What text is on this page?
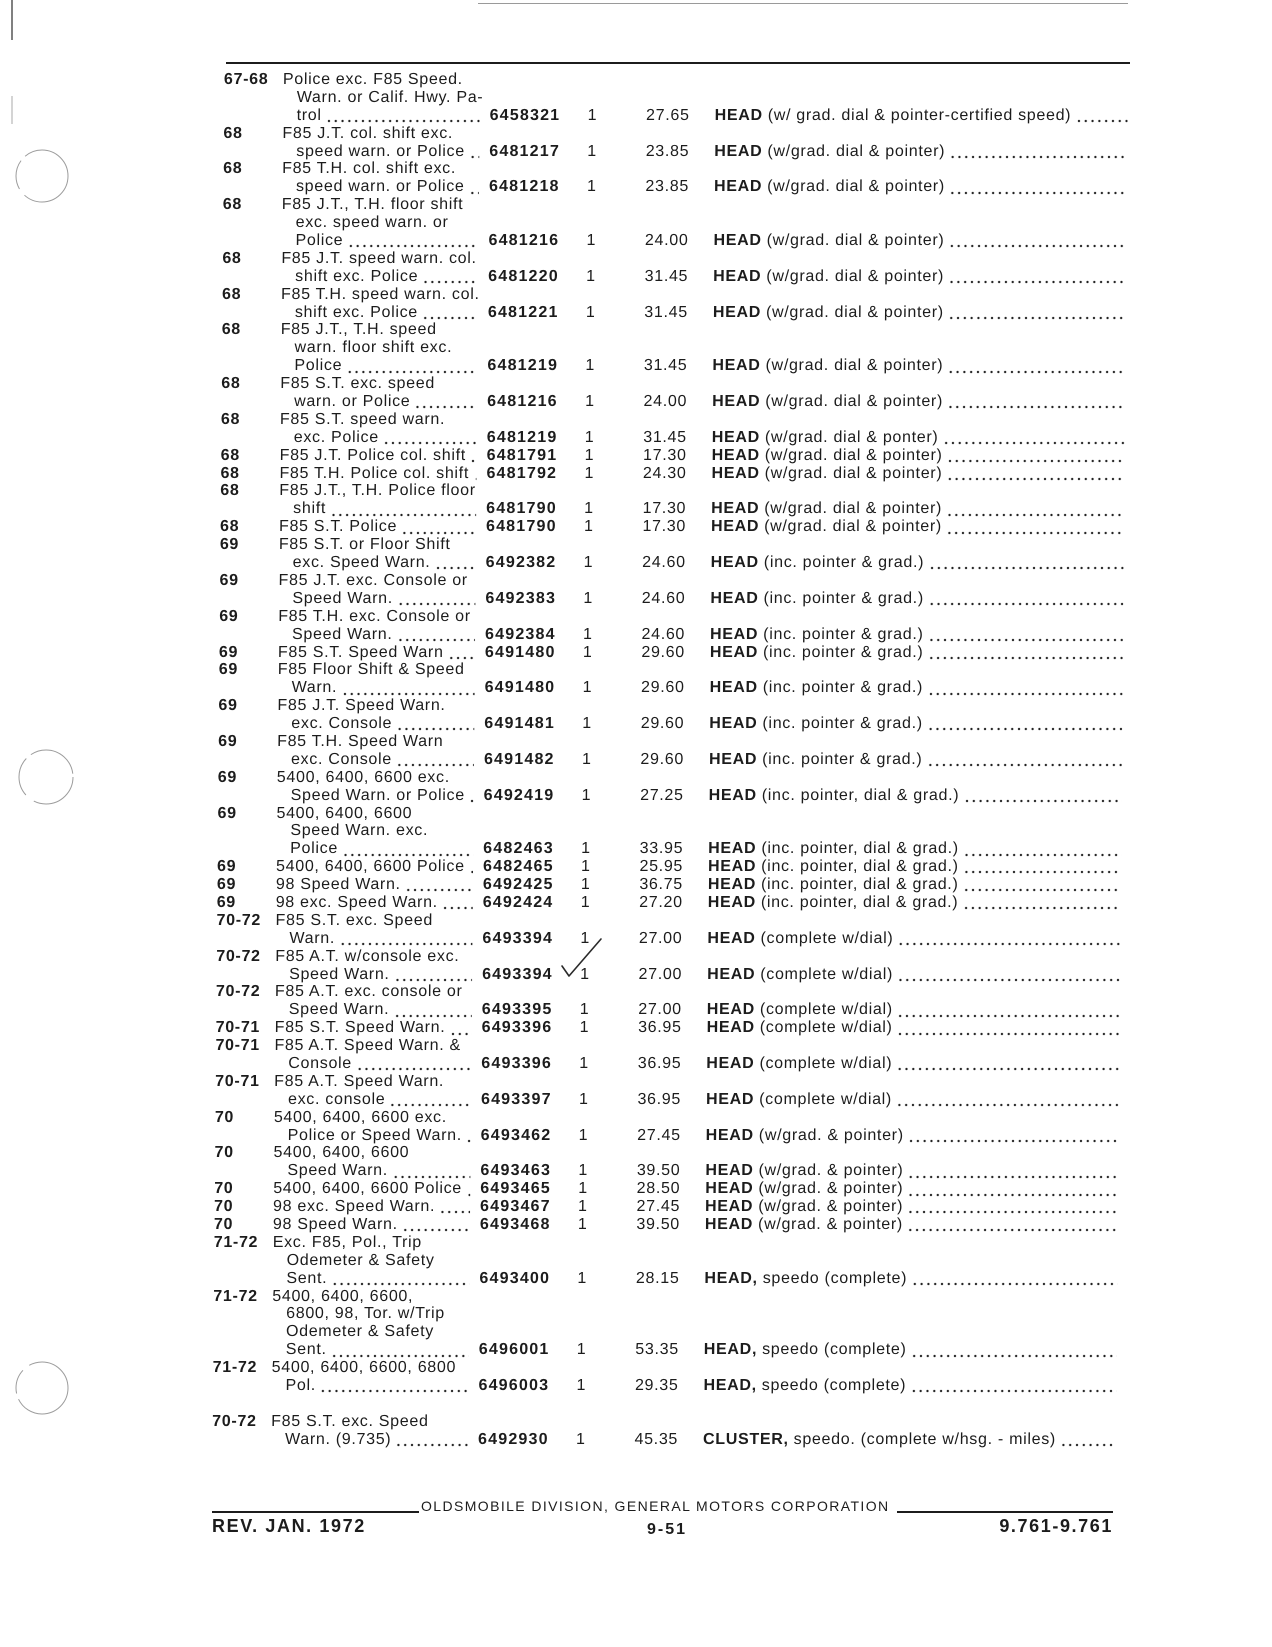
67-68 Police exc. F85 Speed.
Warn. or Calif. Hwy. Pa-
trol	6458321 1	27.65 HEAD (w/ grad. dial & pointer-certified speed)
68 F85 J.T. col. shift exc.
speed warn. or Police 6481217 1	23.85 HEAD (w/grad. dial & pointer)
68 F85 T.H. col. shift exc.
speed warn. or Police 6481218 1	23.85 HEAD (w/grad. dial & pointer)
68 F85 J.T., T.H. floor shift
exc. speed warn. or
Police	6481216 1	24.00 HEAD (w/grad. dial & pointer)
68 F85 J.T. speed warn. col.
shift exc. Police	6481220 1	31.45 HEAD (w/grad. dial & pointer)
68 F85 T.H. speed warn. col.
shift exc. Police	6481221 1	31.45 HEAD (w/grad. dial & pointer)
68 F85 J.T., T.H. speed
warn. floor shift exc.
Police	6481219 1	31.45 HEAD (w/grad. dial & pointer)
68 F85 S.T. exc. speed
warn. or Police	6481216 1	24.00 HEAD (w/grad. dial & pointer)
68 F85 S.T. speed warn.
exc. Police	6481219 1	31.45 HEAD (w/grad. dial & ponter)
68 F85 J.T. Police col. shift 6481791 1	17.30 HEAD (w/grad. dial & pointer)
68 F85 T.H. Police col. shift 6481792 1	24.30 HEAD (w/grad. dial & pointer)
68 F85 J.T., T.H. Police floor
shift	6481790 1	17.30 HEAD (w/grad. dial & pointer)
68 F85 S.T. Police	6481790 1	17.30 HEAD (w/grad. dial & pointer)
69 F85 S.T. or Floor Shift
exc. Speed Warn.	6492382 1	24.60 HEAD (inc. pointer & grad.)
69 F85 J.T. exc. Console or
Speed Warn.	6492383 1	24.60 HEAD (inc. pointer & grad.)
69 F85 T.H. exc. Console or
Speed Warn.	6492384 1	24.60 HEAD (inc. pointer & grad.)
69 F85 S.T. Speed Warn	6491480 1	29.60 HEAD (inc. pointer & grad.)
69 F85 Floor Shift & Speed
Warn.	6491480 1	29.60 HEAD (inc. pointer & grad.)
69 F85 J.T. Speed Warn.
exc. Console	6491481 1	29.60 HEAD (inc. pointer & grad.)
69 F85 T.H. Speed Warn
exc. Console	6491482 1	29.60 HEAD (inc. pointer & grad.)
69 5400, 6400, 6600 exc.
Speed Warn. or Police 6492419 1	27.25 HEAD (inc. pointer, dial & grad.)
69 5400, 6400, 6600
Speed Warn. exc.
Police	6482463 1	33.95 HEAD (inc. pointer, dial & grad.)
69 5400, 6400, 6600 Police 6482465 1	25.95 HEAD (inc. pointer, dial & grad.)
69 98 Speed Warn.	6492425 1	36.75 HEAD (inc. pointer, dial & grad.)
69 98 exc. Speed Warn.	6492424 1	27.20 HEAD (inc. pointer, dial & grad.)
70-72 F85 S.T. exc. Speed
Warn.	6493394 1	27.00 HEAD (complete w/dial)
70-72 F85 A.T. w/console exc.
Speed Warn.	6493394 1	27.00 HEAD (complete w/dial)
70-72 F85 A.T. exc. console or
Speed Warn.	6493395 1	27.00 HEAD (complete w/dial)
70-71 F85 S.T. Speed Warn. 6493396 1	36.95 HEAD (complete w/dial)
70-71 F85 A.T. Speed Warn. &
Console	6493396 1	36.95 HEAD (complete w/dial)
70-71 F85 A.T. Speed Warn.
exc. console	6493397 1	36.95 HEAD (complete w/dial)
70 5400, 6400, 6600 exc.
Police or Speed Warn. 6493462 1	27.45 HEAD (w/grad. & pointer)
70 5400, 6400, 6600
Speed Warn.	6493463 1	39.50 HEAD (w/grad. & pointer)
70 5400, 6400, 6600 Police 6493465 1	28.50 HEAD (w/grad. & pointer)
70 98 exc. Speed Warn.	6493467 1	27.45 HEAD (w/grad. & pointer)
70 98 Speed Warn.	6493468 1	39.50 HEAD (w/grad. & pointer)
71-72 Exc. F85, Pol., Trip
Odemeter & Safety
Sent.	6493400 1	28.15 HEAD, speedo (complete)
71-72 5400, 6400, 6600,
6800, 98, Tor. w/Trip
Odemeter & Safety
Sent.	6496001 1	53.35 HEAD, speedo (complete)
71-72 5400, 6400, 6600, 6800
Pol.	6496003 1	29.35 HEAD, speedo (complete)
70-72 F85 S.T. exc. Speed
Warn. (9.735)	6492930 1	45.35 CLUSTER, speedo. (complete w/hsg. - miles)
OLDSMOBILE DIVISION, GENERAL MOTORS CORPORATION
REV. JAN. 1972	9-51	9.761-9.761
